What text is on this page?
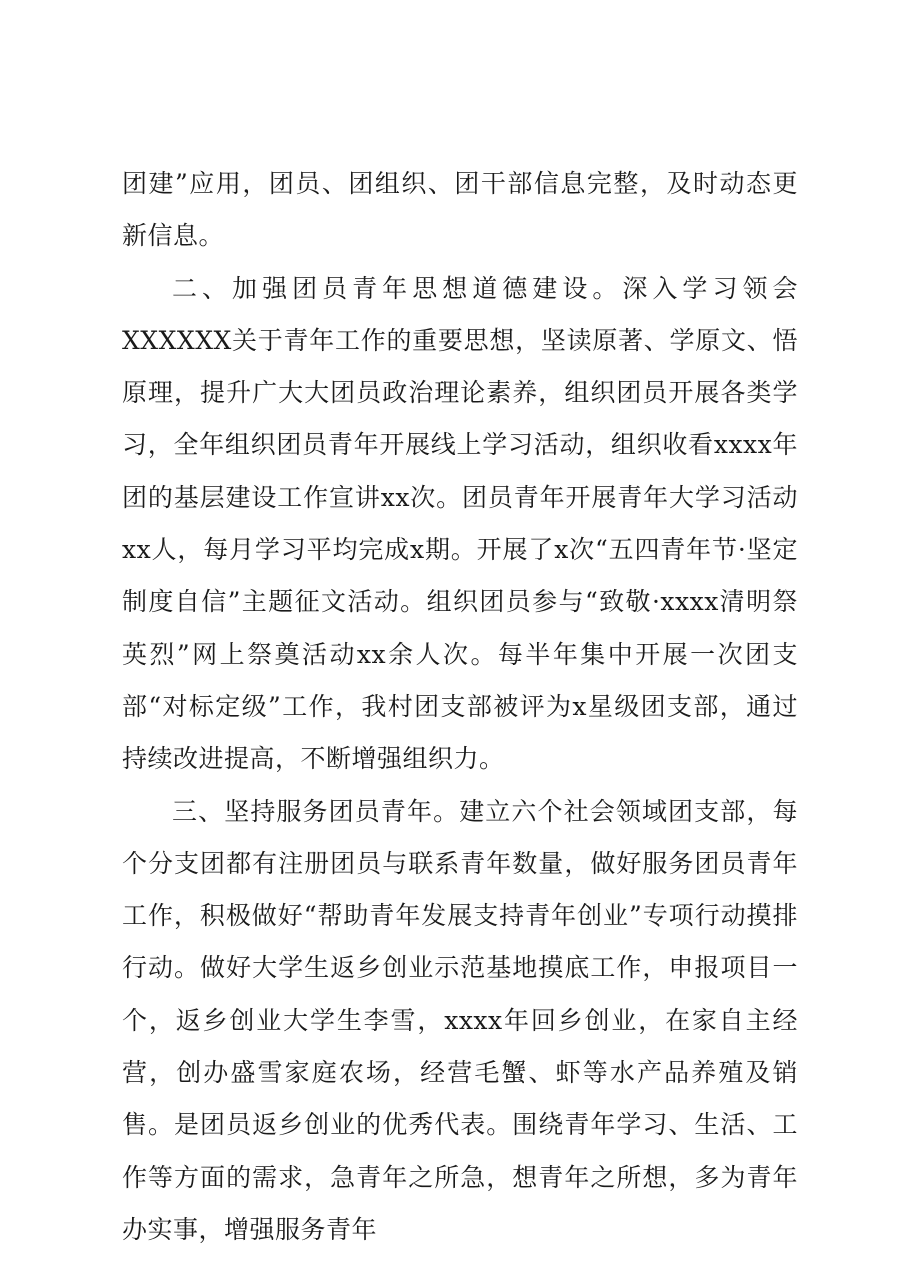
团建”应用，团员、团组织、团干部信息完整，及时动态更新信息。

二、加强团员青年思想道德建设。深入学习领会XXXXXX关于青年工作的重要思想，坚读原著、学原文、悟原理，提升广大大团员政治理论素养，组织团员开展各类学习，全年组织团员青年开展线上学习活动，组织收看xxxx年团的基层建设工作宣讲xx次。团员青年开展青年大学习活动xx人，每月学习平均完成x期。开展了x次“五四青年节·坚定制度自信”主题征文活动。组织团员参与“致敬·xxxx清明祭英烈”网上祭奠活动xx余人次。每半年集中开展一次团支部“对标定级”工作，我村团支部被评为x星级团支部，通过持续改进提高，不断增强组织力。

三、坚持服务团员青年。建立六个社会领域团支部，每个分支团都有注册团员与联系青年数量，做好服务团员青年工作，积极做好“帮助青年发展支持青年创业”专项行动摸排行动。做好大学生返乡创业示范基地摸底工作，申报项目一个，返乡创业大学生李雪，xxxx年回乡创业，在家自主经营，创办盛雪家庭农场，经营毛蟹、虾等水产品养殖及销售。是团员返乡创业的优秀代表。围绕青年学习、生活、工作等方面的需求，急青年之所急，想青年之所想，多为青年办实事，增强服务青年
